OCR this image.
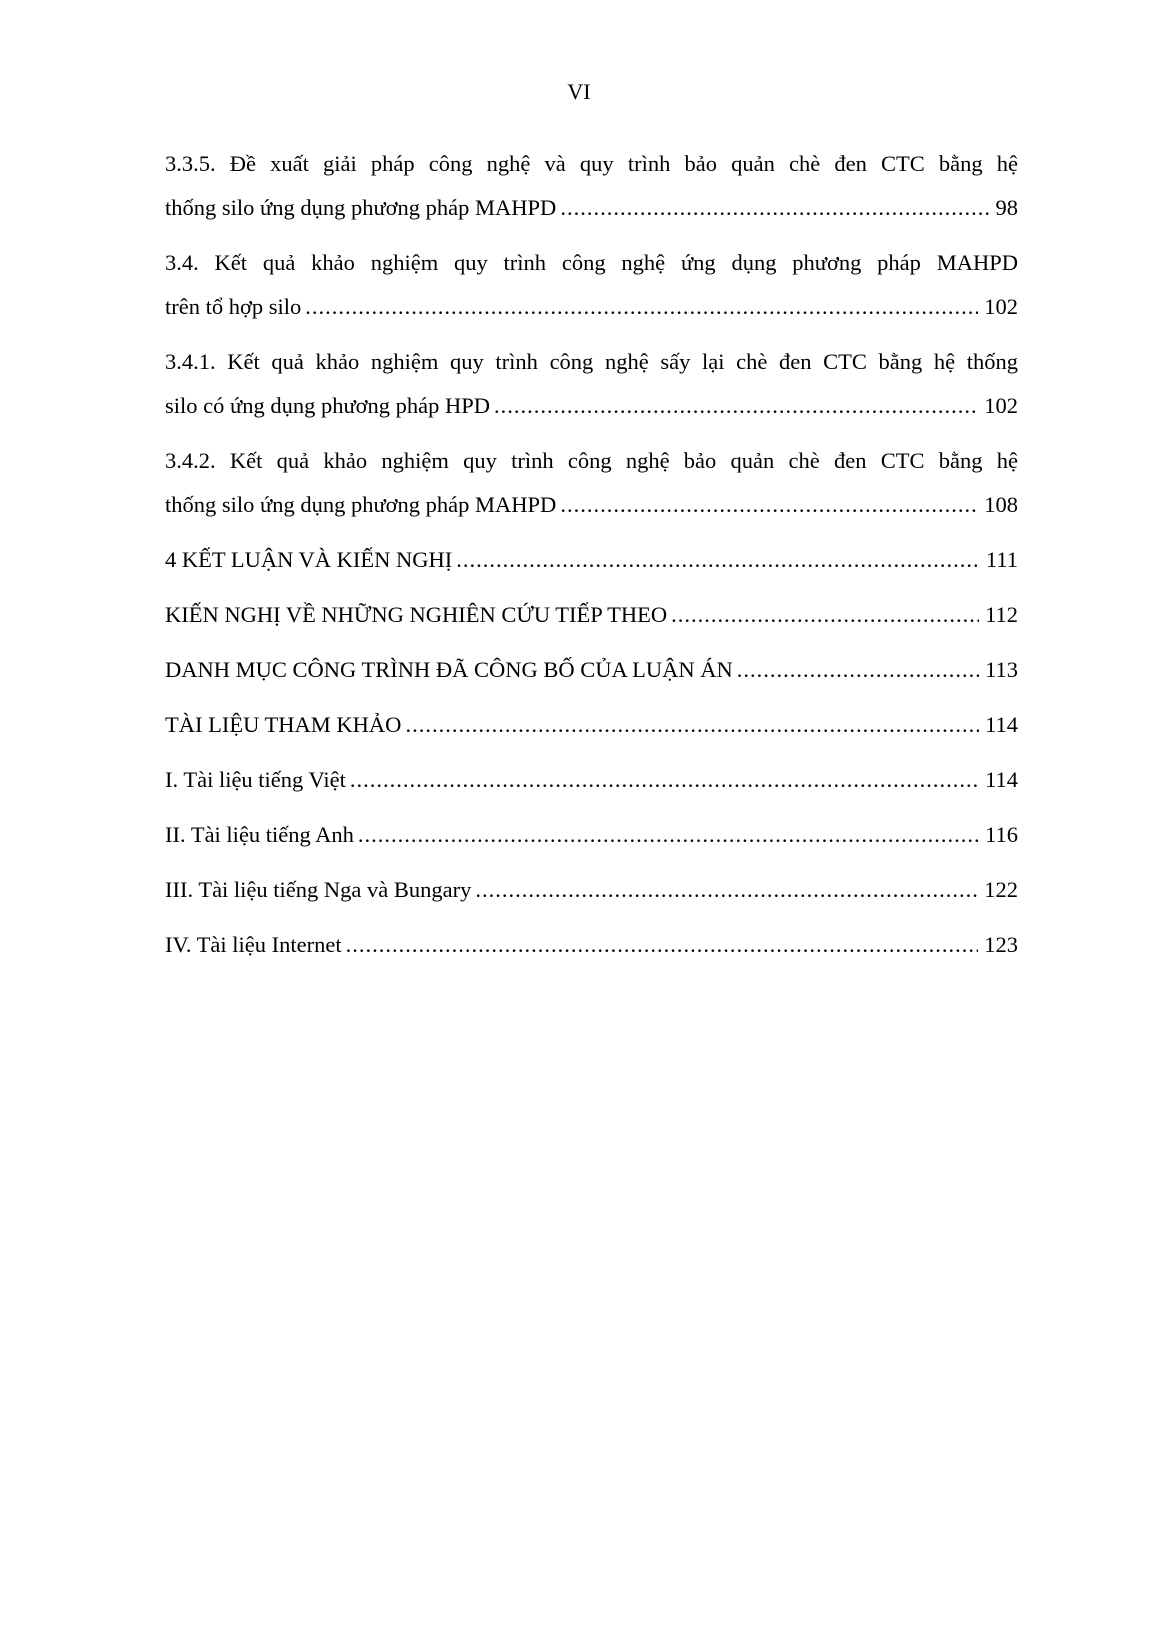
VI
3.3.5. Đề xuất giải pháp công nghệ và quy trình bảo quản chè đen CTC bằng hệ
thống silo ứng dụng phương pháp MAHPD .....	98
3.4. Kết quả khảo nghiệm quy trình công nghệ ứng dụng phương pháp MAHPD
trên tổ hợp silo .....	102
3.4.1. Kết quả khảo nghiệm quy trình công nghệ sấy lại chè đen CTC bằng hệ thống
silo có ứng dụng phương pháp HPD .....	102
3.4.2. Kết quả khảo nghiệm quy trình công nghệ bảo quản chè đen CTC bằng hệ
thống silo ứng dụng phương pháp MAHPD .....	108
4 KẾT LUẬN VÀ KIẾN NGHỊ .....	111
KIẾN NGHỊ VỀ NHỮNG NGHIÊN CỨU TIẾP THEO .....	112
DANH MỤC CÔNG TRÌNH ĐÃ CÔNG BỐ CỦA LUẬN ÁN .....	113
TÀI LIỆU THAM KHẢO .....	114
I. Tài liệu tiếng Việt .....	114
II. Tài liệu tiếng Anh .....	116
III. Tài liệu tiếng Nga và Bungary .....	122
IV. Tài liệu Internet .....	123
